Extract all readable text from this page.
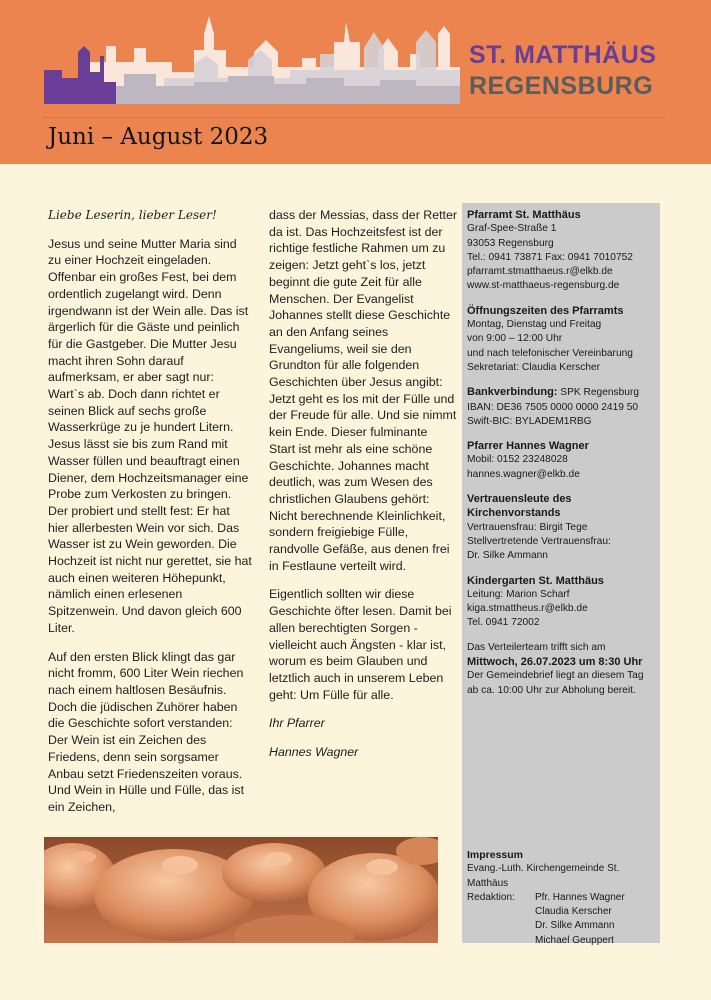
ST. MATTHÄUS
REGENSBURG
Juni – August 2023

Liebe Leserin, lieber Leser!

Jesus und seine Mutter Maria sind zu einer Hochzeit eingeladen. Offenbar ein großes Fest, bei dem ordentlich zugelangt wird. Denn irgendwann ist der Wein alle. Das ist ärgerlich für die Gäste und peinlich für die Gastgeber. Die Mutter Jesu macht ihren Sohn darauf aufmerksam, er aber sagt nur: Wart`s ab. Doch dann richtet er seinen Blick auf sechs große Wasserkrüge zu je hundert Litern. Jesus lässt sie bis zum Rand mit Wasser füllen und beauftragt einen Diener, dem Hochzeitsmanager eine Probe zum Verkosten zu bringen. Der probiert und stellt fest: Er hat hier allerbesten Wein vor sich. Das Wasser ist zu Wein geworden. Die Hochzeit ist nicht nur gerettet, sie hat auch einen weiteren Höhepunkt, nämlich einen erlesenen Spitzenwein. Und davon gleich 600 Liter.

Auf den ersten Blick klingt das gar nicht fromm, 600 Liter Wein riechen nach einem haltlosen Besäufnis. Doch die jüdischen Zuhörer haben die Geschichte sofort verstanden: Der Wein ist ein Zeichen des Friedens, denn sein sorgsamer Anbau setzt Friedenszeiten voraus. Und Wein in Hülle und Fülle, das ist ein Zeichen,

dass der Messias, dass der Retter da ist. Das Hochzeitsfest ist der richtige festliche Rahmen um zu zeigen: Jetzt geht`s los, jetzt beginnt die gute Zeit für alle Menschen. Der Evangelist Johannes stellt diese Geschichte an den Anfang seines Evangeliums, weil sie den Grundton für alle folgenden Geschichten über Jesus angibt: Jetzt geht es los mit der Fülle und der Freude für alle. Und sie nimmt kein Ende. Dieser fulminante Start ist mehr als eine schöne Geschichte. Johannes macht deutlich, was zum Wesen des christlichen Glaubens gehört: Nicht berechnende Kleinlichkeit, sondern freigiebige Fülle, randvolle Gefäße, aus denen frei in Festlaune verteilt wird.

Eigentlich sollten wir diese Geschichte öfter lesen. Damit bei allen berechtigten Sorgen - vielleicht auch Ängsten - klar ist, worum es beim Glauben und letztlich auch in unserem Leben geht: Um Fülle für alle.

Ihr Pfarrer

Hannes Wagner

Pfarramt St. Matthäus
Graf-Spee-Straße 1
93053 Regensburg
Tel.: 0941 73871 Fax: 0941 7010752
pfarramt.stmatthaeus.r@elkb.de
www.st-matthaeus-regensburg.de
Öffnungszeiten des Pfarramts
Montag, Dienstag und Freitag
von 9:00 – 12:00 Uhr
und nach telefonischer Vereinbarung
Sekretariat: Claudia Kerscher
Bankverbindung: SPK Regensburg
IBAN: DE36 7505 0000 0000 2419 50
Swift-BIC: BYLADEM1RBG
Pfarrer Hannes Wagner
Mobil: 0152 23248028
hannes.wagner@elkb.de
Vertrauensleute des Kirchenvorstands
Vertrauensfrau: Birgit Tege
Stellvertretende Vertrauensfrau:
Dr. Silke Ammann
Kindergarten St. Matthäus
Leitung: Marion Scharf
kiga.stmattheus.r@elkb.de
Tel. 0941 72002
Das Verteilerteam trifft sich am
Mittwoch, 26.07.2023 um 8:30 Uhr
Der Gemeindebrief liegt an diesem Tag
ab ca. 10:00 Uhr zur Abholung bereit.
Impressum
Evang.-Luth. Kirchengemeinde St. Matthäus
Redaktion:	Pfr. Hannes Wagner
Claudia Kerscher
Dr. Silke Ammann
Michael Geuppert
